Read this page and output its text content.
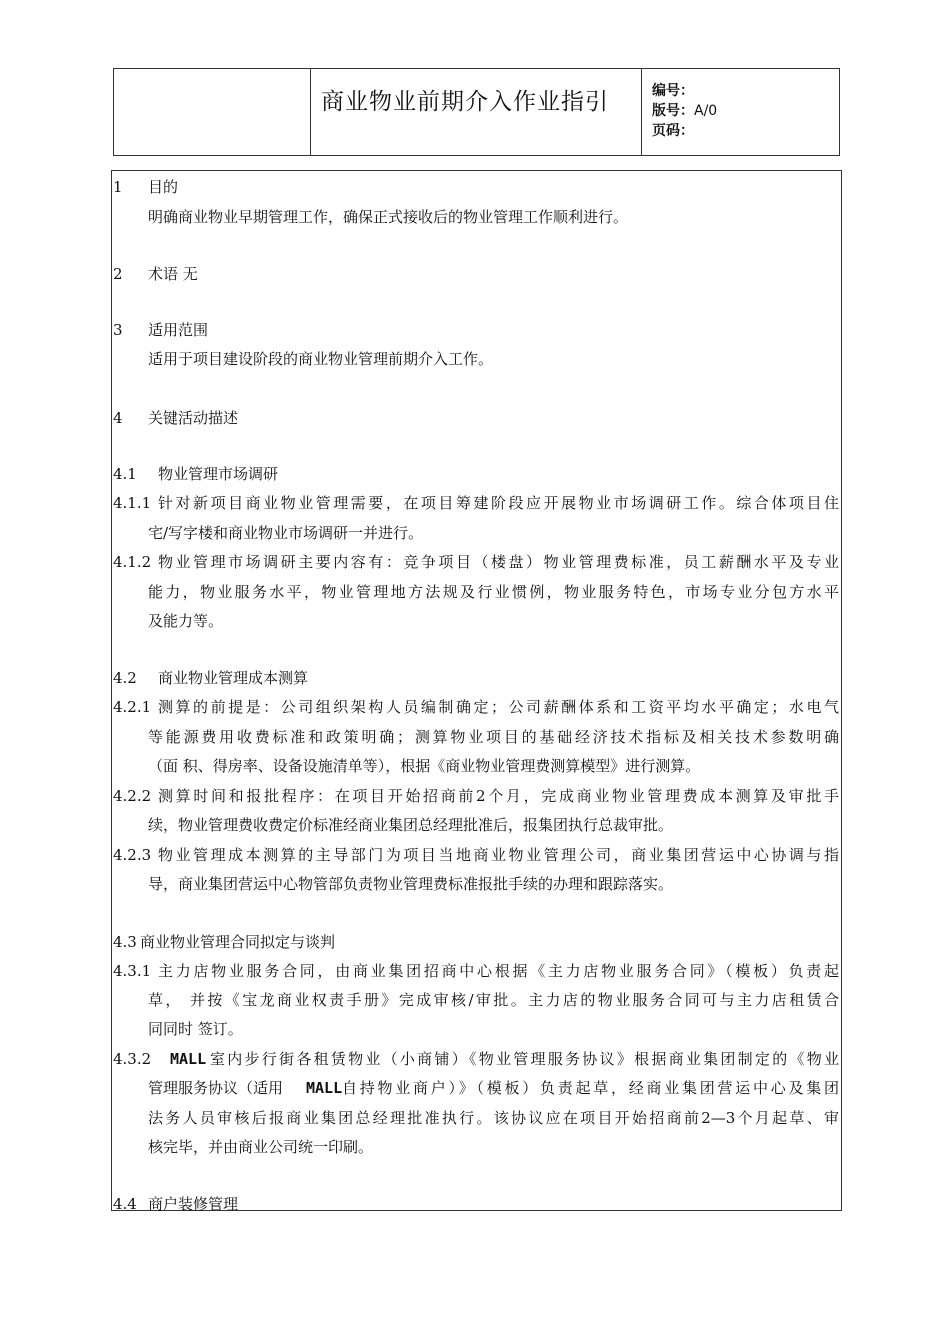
商业物业前期介入作业指引	编号：
版号：A/0
页码：
1 目的
明确商业物业早期管理工作，确保正式接收后的物业管理工作顺利进行。
2 术语 无
3 适用范围
适用于项目建设阶段的商业物业管理前期介入工作。
4 关键活动描述
4.1 物业管理市场调研
4.1.1 针对新项目商业物业管理需要，在项目筹建阶段应开展物业市场调研工作。综合体项目住
宅/写字楼和商业物业市场调研一并进行。
4.1.2 物业管理市场调研主要内容有：竞争项目（楼盘）物业管理费标准，员工薪酬水平及专业
能力，物业服务水平，物业管理地方法规及行业惯例，物业服务特色，市场专业分包方水平
及能力等。
4.2 商业物业管理成本测算
4.2.1 测算的前提是：公司组织架构人员编制确定；公司薪酬体系和工资平均水平确定；水电气
等能源费用收费标准和政策明确；测算物业项目的基础经济技术指标及相关技术参数明确
（面 积、得房率、设备设施清单等），根据《商业物业管理费测算模型》进行测算。
4.2.2 测算时间和报批程序：在项目开始招商前2个月，完成商业物业管理费成本测算及审批手
续，物业管理费收费定价标准经商业集团总经理批准后，报集团执行总裁审批。
4.2.3 物业管理成本测算的主导部门为项目当地商业物业管理公司，商业集团营运中心协调与指
导，商业集团营运中心物管部负责物业管理费标准报批手续的办理和跟踪落实。
4.3 商业物业管理合同拟定与谈判
4.3.1 主力店物业服务合同，由商业集团招商中心根据《主力店物业服务合同》（模板）负责起
草， 并按《宝龙商业权责手册》完成审核/审批。主力店的物业服务合同可与主力店租赁合
同同时 签订。
4.3.2 MALL 室内步行街各租赁物业（小商铺）《物业管理服务协议》根据商业集团制定的《物业
管理服务协议（适用 MALL 自持物业商户）》（模板）负责起草，经商业集团营运中心及集团
法务人员审核后报商业集团总经理批准执行。该协议应在项目开始招商前2—3个月起草、审
核完毕，并由商业公司统一印刷。
4.4 商户装修管理
